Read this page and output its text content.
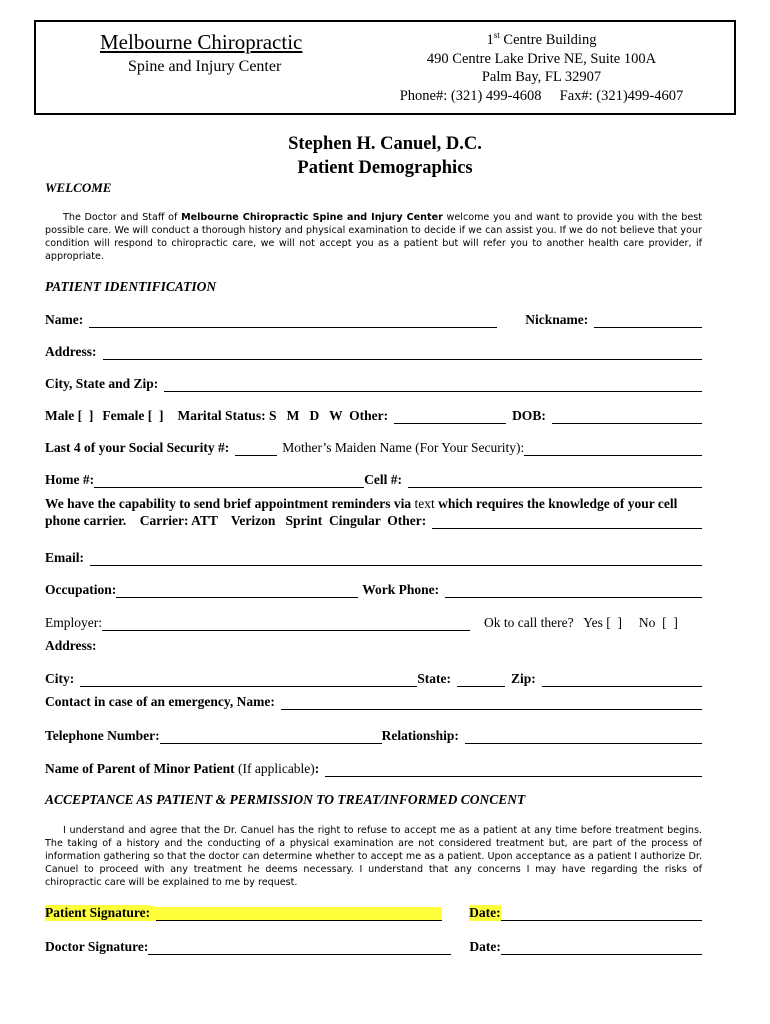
Melbourne Chiropractic
Spine and Injury Center
1st Centre Building
490 Centre Lake Drive NE, Suite 100A
Palm Bay, FL 32907
Phone#: (321) 499-4608     Fax#: (321)499-4607
Stephen H. Canuel, D.C.
Patient Demographics
WELCOME
The Doctor and Staff of Melbourne Chiropractic Spine and Injury Center welcome you and want to provide you with the best possible care. We will conduct a thorough history and physical examination to decide if we can assist you. If we do not believe that your condition will respond to chiropractic care, we will not accept you as a patient but will refer you to another health care provider, if appropriate.
PATIENT IDENTIFICATION
Name:	Nickname:
Address:
City, State and Zip:
Male [  ] Female [  ] Marital Status: S   M   D   W  Other:	DOB:
Last 4 of your Social Security #:	Mother’s Maiden Name (For Your Security):
Home #:	Cell #:
We have the capability to send brief appointment reminders via text which requires the knowledge of your cell
phone carrier.    Carrier: ATT    Verizon   Sprint  Cingular  Other:
Email:
Occupation:	Work Phone:
Employer:	Ok to call there?   Yes [  ]     No  [  ]
Address:
City:	State:	Zip:
Contact in case of an emergency, Name:
Telephone Number:	Relationship:
Name of Parent of Minor Patient (If applicable) :
ACCEPTANCE AS PATIENT & PERMISSION TO TREAT/INFORMED CONCENT
I understand and agree that the Dr. Canuel has the right to refuse to accept me as a patient at any time before treatment begins. The taking of a history and the conducting of a physical examination are not considered treatment but, are part of the process of information gathering so that the doctor can determine whether to accept me as a patient. Upon acceptance as a patient I authorize Dr. Canuel to proceed with any treatment he deems necessary. I understand that any concerns I may have regarding the risks of chiropractic care will be explained to me by request.
Patient Signature:	Date:
Doctor Signature:	Date:
